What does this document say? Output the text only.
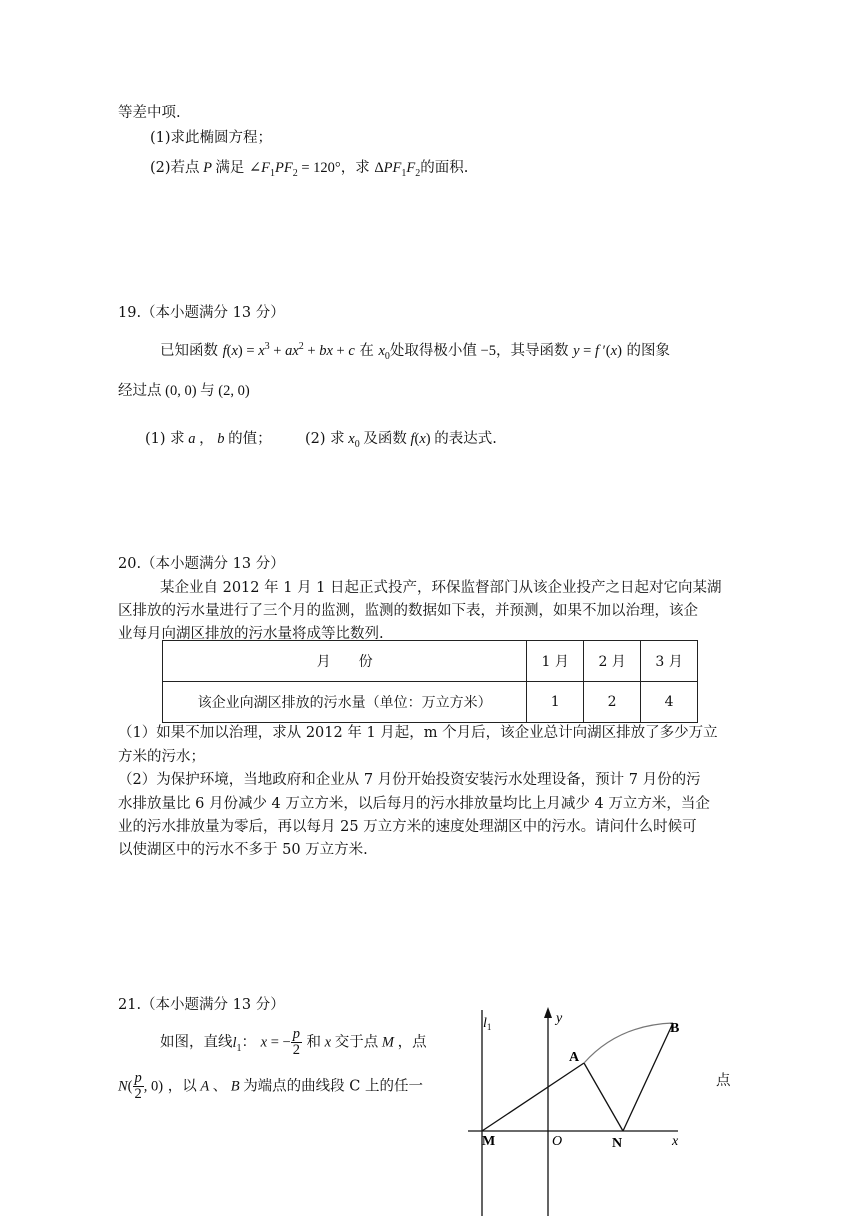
等差中项.
(1)求此椭圆方程；
(2)若点 P 满足 $\angle F_1PF_2 = 120^\circ$，求 $\Delta PF_1F_2$的面积.
19.（本小题满分 13 分）
已知函数 $f(x) = x^3 + ax^2$ + bx + c 在 $x_0$处取得极小值 −5，其导函数 y = f ′(x) 的图象
经过点 (0, 0) 与 (2, 0)
(1) 求 a ， b 的值； (2) 求 $x_0$ 及函数 f(x) 的表达式.
20.（本小题满分 13 分）
某企业自 2012 年 1 月 1 日起正式投产，环保监督部门从该企业投产之日起对它向某湖
区排放的污水量进行了三个月的监测，监测的数据如下表，并预测，如果不加以治理，该企
业每月向湖区排放的污水量将成等比数列.
月　　份	1 月	2 月	3 月
该企业向湖区排放的污水量（单位：万立方米）	1	2	4
（1）如果不加以治理，求从 2012 年 1 月起，m 个月后，该企业总计向湖区排放了多少万立
方米的污水；
（2）为保护环境，当地政府和企业从 7 月份开始投资安装污水处理设备，预计 7 月份的污
水排放量比 6 月份减少 4 万立方米，以后每月的污水排放量均比上月减少 4 万立方米，当企
业的污水排放量为零后，再以每月 25 万立方米的速度处理湖区中的污水。请问什么时候可
以使湖区中的污水不多于 50 万立方米.
21.（本小题满分 13 分）
如图，直线$l_1$： x = − $\frac{p}{2}$ 和 x 交于点 M ，点
$N( \frac{p}{2}$ , 0) ，以 A 、 B 为端点的曲线段 C 上的任一	点
$l_1$
y
x
A
B
M	O	N
